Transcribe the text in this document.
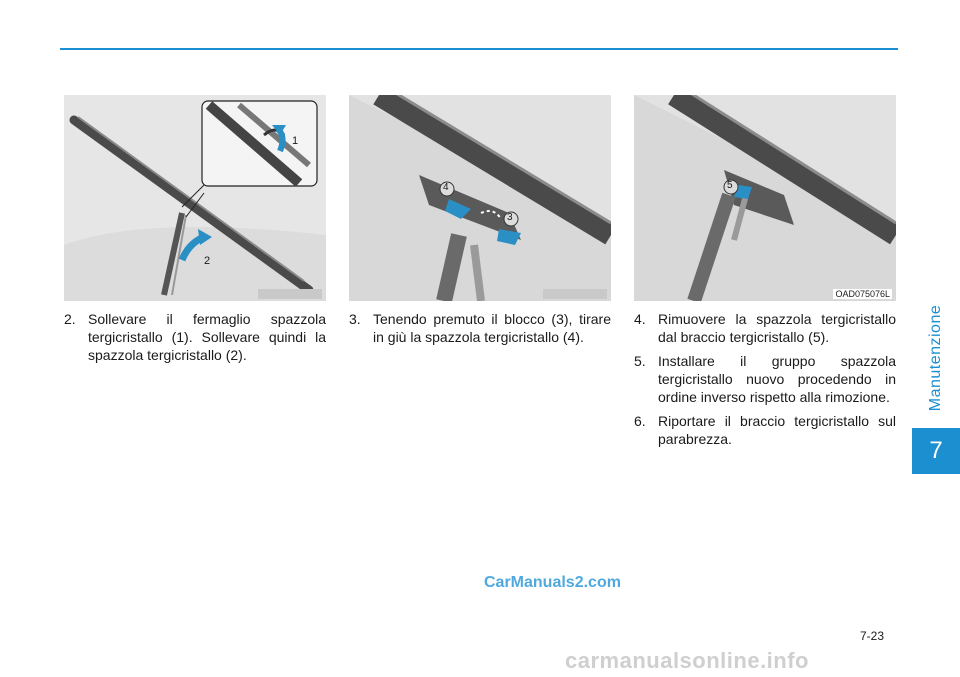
Manutenzione
7
1
2
4
3
5
OAD075076L
2. Sollevare il fermaglio spazzola tergicristallo (1). Sollevare quindi la spazzola tergicristallo (2).
3. Tenendo premuto il blocco (3), tirare in giù la spazzola tergicristallo (4).
4. Rimuovere la spazzola tergicristallo dal braccio tergicristallo (5).
5. Installare il gruppo spazzola tergicristallo nuovo procedendo in ordine inverso rispetto alla rimozione.
6. Riportare il braccio tergicristallo sul parabrezza.
CarManuals2.com
7-23
carmanualsonline.info
